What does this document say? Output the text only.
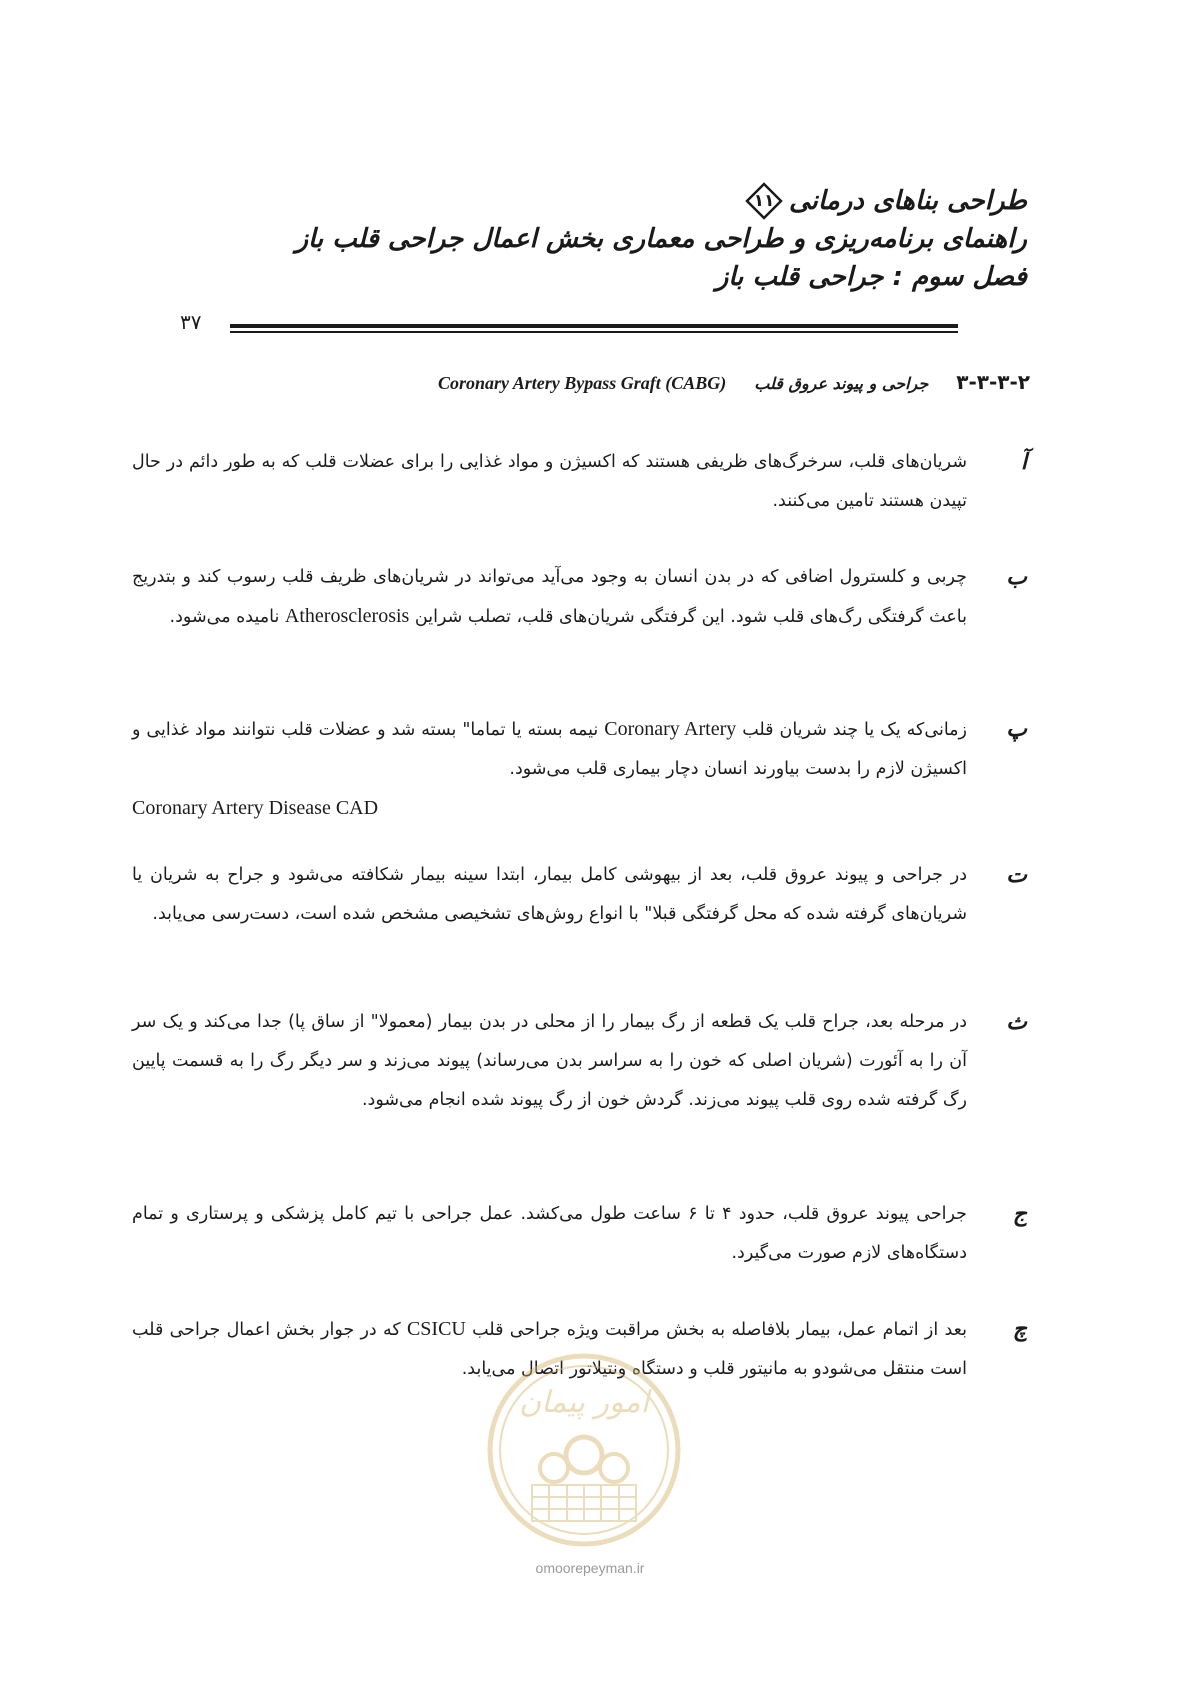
طراحی بناهای درمانی
۱۱
راهنمای برنامه‌ریزی و طراحی معماری بخش اعمال جراحی قلب باز
فصل سوم : جراحی قلب باز
۳۷
۳-۳-۳-۲
جراحی و پیوند عروق قلب
Coronary Artery Bypass Graft (CABG)
آ

شریان‌های قلب، سرخرگ‌های ظریفی هستند که اکسیژن و مواد غذایی را برای عضلات قلب که به طور دائم در حال تپیدن هستند تامین می‌کنند.

ب

چربی و کلسترول اضافی که در بدن انسان به وجود می‌آید می‌تواند در شریان‌های ظریف قلب رسوب کند و بتدریج باعث گرفتگی رگ‌های قلب شود. این گرفتگی شریان‌های قلب، تصلب شراین Atherosclerosis نامیده می‌شود.

پ

زمانی‌که یک یا چند شریان قلب Coronary Artery نیمه بسته یا تماما" بسته شد و عضلات قلب نتوانند مواد غذایی و اکسیژن لازم را بدست بیاورند انسان دچار بیماری قلب می‌شود.

Coronary Artery Disease CAD

ت

در جراحی و پیوند عروق قلب، بعد از بیهوشی کامل بیمار، ابتدا سینه بیمار شکافته می‌شود و جراح به شریان یا شریان‌های گرفته شده که محل گرفتگی قبلا" با انواع روش‌های تشخیصی مشخص شده است، دست‌رسی می‌یابد.

ث

در مرحله بعد، جراح قلب یک قطعه از رگ بیمار را از محلی در بدن بیمار (معمولا" از ساق پا) جدا می‌کند و یک سر آن را به آئورت (شریان اصلی که خون را به سراسر بدن می‌رساند) پیوند می‌زند و سر دیگر رگ را به قسمت پایین رگ گرفته شده روی قلب پیوند می‌زند. گردش خون از رگ پیوند شده انجام می‌شود.

ج

جراحی پیوند عروق قلب، حدود ۴ تا ۶ ساعت طول می‌کشد. عمل جراحی با تیم کامل پزشکی و پرستاری و تمام دستگاه‌های لازم صورت می‌گیرد.

چ

بعد از اتمام عمل، بیمار بلافاصله به بخش مراقبت ویژه جراحی قلب CSICU که در جوار بخش اعمال جراحی قلب است منتقل می‌شودو به مانیتور قلب و دستگاه ونتیلاتور اتصال می‌یابد.

امور پیمان
omoorepeyman.ir
